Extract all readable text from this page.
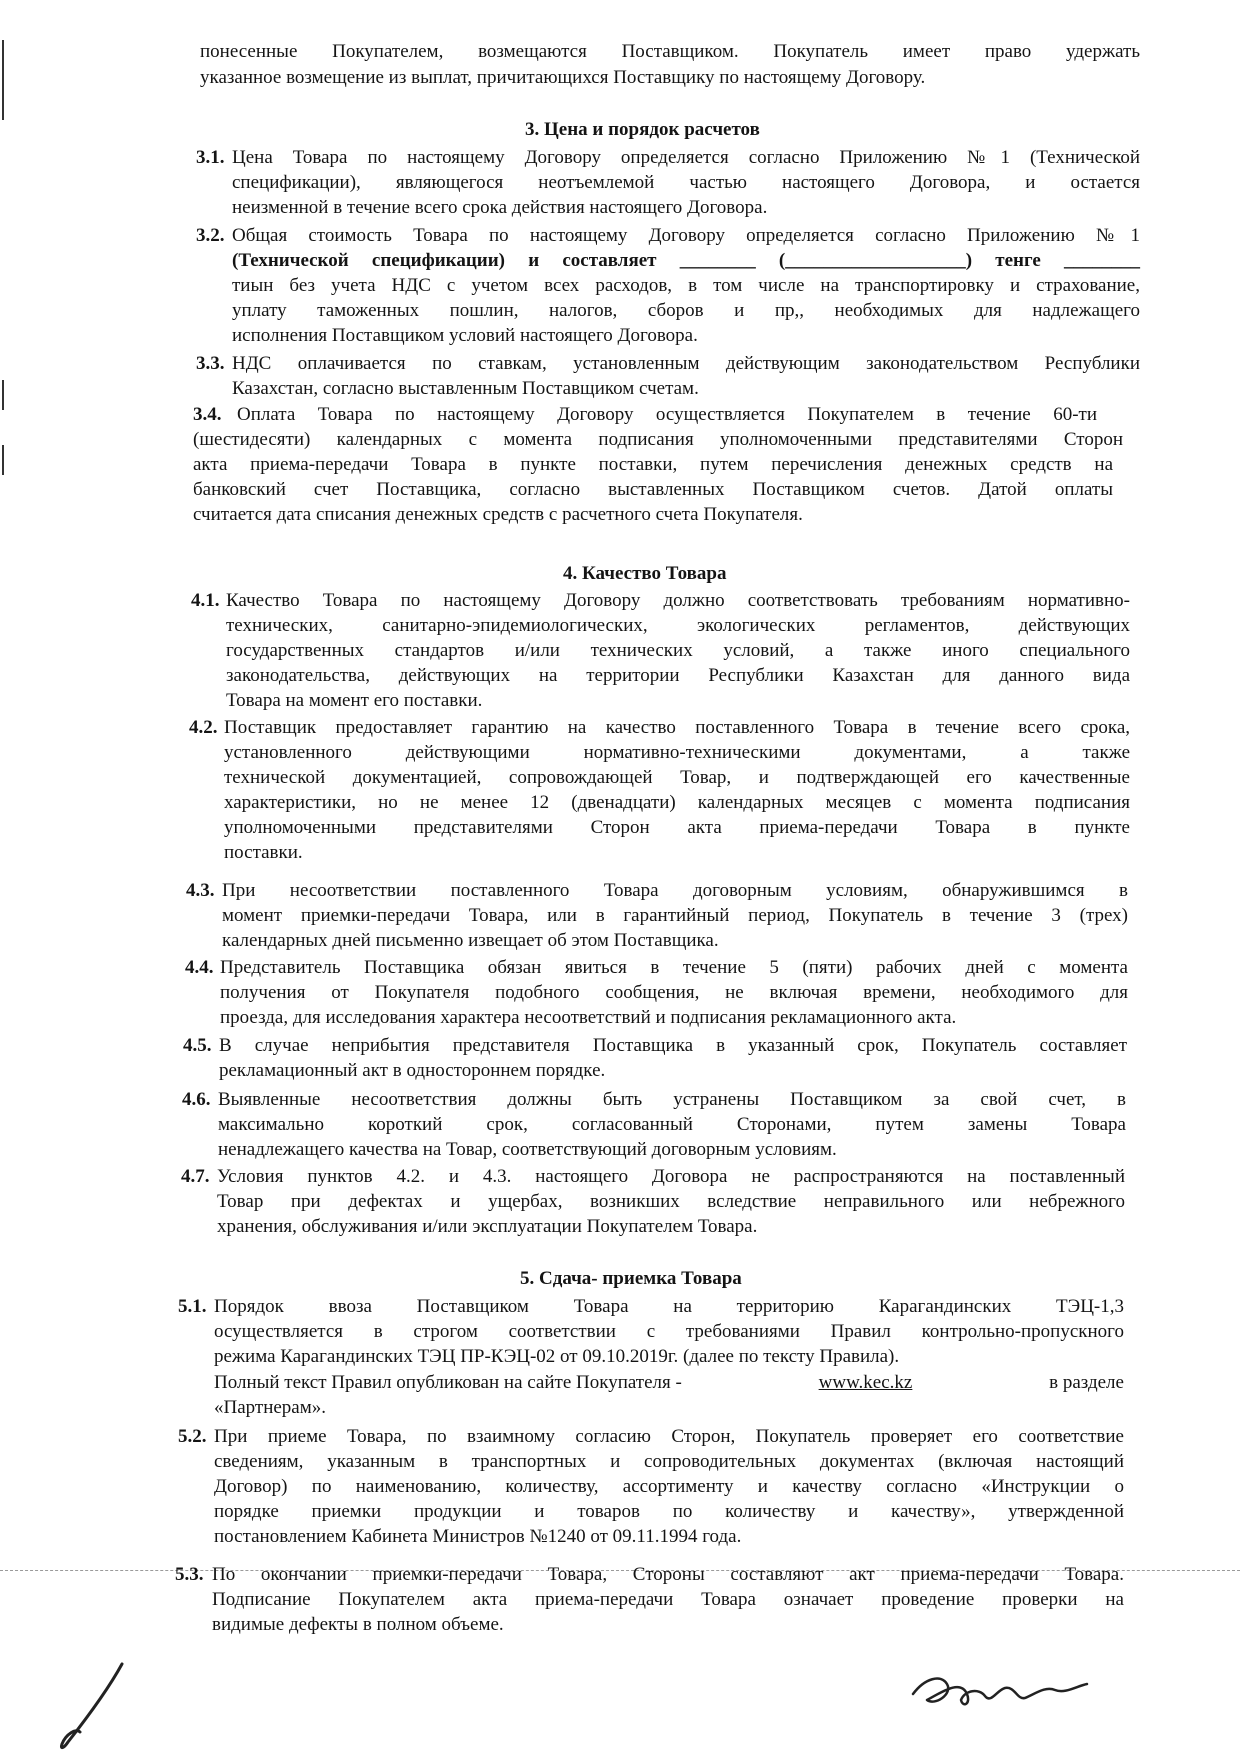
понесенные Покупателем, возмещаются Поставщиком. Покупатель имеет право удержать

указанное возмещение из выплат, причитающихся Поставщику по настоящему Договору.

3. Цена и порядок расчетов

3.1. Цена Товара по настоящему Договору определяется согласно Приложению №1 (Технической

спецификации), являющегося неотъемлемой частью настоящего Договора, и остается

неизменной в течение всего срока действия настоящего Договора.

3.2. Общая стоимость Товара по настоящему Договору определяется согласно Приложению №1

(Технической спецификации) и составляет ________ (___________________) тенге ________

тиын без учета НДС с учетом всех расходов, в том числе на транспортировку и страхование,

уплату таможенных пошлин, налогов, сборов и пр,, необходимых для надлежащего

исполнения Поставщиком условий настоящего Договора.

3.3. НДС оплачивается по ставкам, установленным действующим законодательством Республики

Казахстан, согласно выставленным Поставщиком счетам.

3.4. Оплата Товара по настоящему Договору осуществляется Покупателем в течение 60-ти

(шестидесяти) календарных с момента подписания уполномоченными представителями Сторон

акта приема-передачи Товара в пункте поставки, путем перечисления денежных средств на

банковский счет Поставщика, согласно выставленных Поставщиком счетов. Датой оплаты

считается дата списания денежных средств с расчетного счета Покупателя.

4. Качество Товара

4.1. Качество Товара по настоящему Договору должно соответствовать требованиям нормативно-

технических, санитарно-эпидемиологических, экологических регламентов, действующих

государственных стандартов и/или технических условий, а также иного специального

законодательства, действующих на территории Республики Казахстан для данного вида

Товара на момент его поставки.

4.2. Поставщик предоставляет гарантию на качество поставленного Товара в течение всего срока,

установленного действующими нормативно-техническими документами, а также

технической документацией, сопровождающей Товар, и подтверждающей его качественные

характеристики, но не менее 12 (двенадцати) календарных месяцев с момента подписания

уполномоченными представителями Сторон акта приема-передачи Товара в пункте

поставки.

4.3. При несоответствии поставленного Товара договорным условиям, обнаружившимся в

момент приемки-передачи Товара, или в гарантийный период, Покупатель в течение 3 (трех)

календарных дней письменно извещает об этом Поставщика.

4.4. Представитель Поставщика обязан явиться в течение 5 (пяти) рабочих дней с момента

получения от Покупателя подобного сообщения, не включая времени, необходимого для

проезда, для исследования характера несоответствий и подписания рекламационного акта.

4.5. В случае неприбытия представителя Поставщика в указанный срок, Покупатель составляет

рекламационный акт в одностороннем порядке.

4.6. Выявленные несоответствия должны быть устранены Поставщиком за свой счет, в

максимально короткий срок, согласованный Сторонами, путем замены Товара

ненадлежащего качества на Товар, соответствующий договорным условиям.

4.7. Условия пунктов 4.2. и 4.3. настоящего Договора не распространяются на поставленный

Товар при дефектах и ущербах, возникших вследствие неправильного или небрежного

хранения, обслуживания и/или эксплуатации Покупателем Товара.

5. Сдача- приемка Товара

5.1. Порядок ввоза Поставщиком Товара на территорию Карагандинских ТЭЦ-1,3

осуществляется в строгом соответствии с требованиями Правил контрольно-пропускного

режима Карагандинских ТЭЦ ПР-КЭЦ-02 от 09.10.2019г. (далее по тексту Правила).

Полный текст Правил опубликован на сайте Покупателя -	www.kec.kz	в разделе

«Партнерам».

5.2. При приеме Товара, по взаимному согласию Сторон, Покупатель проверяет его соответствие

сведениям, указанным в транспортных и сопроводительных документах (включая настоящий

Договор) по наименованию, количеству, ассортименту и качеству согласно «Инструкции о

порядке приемки продукции и товаров по количеству и качеству», утвержденной

постановлением Кабинета Министров №1240 от 09.11.1994 года.

5.3. По окончании приемки-передачи Товара, Стороны составляют акт приема-передачи Товара.

Подписание Покупателем акта приема-передачи Товара означает проведение проверки на

видимые дефекты в полном объеме.
